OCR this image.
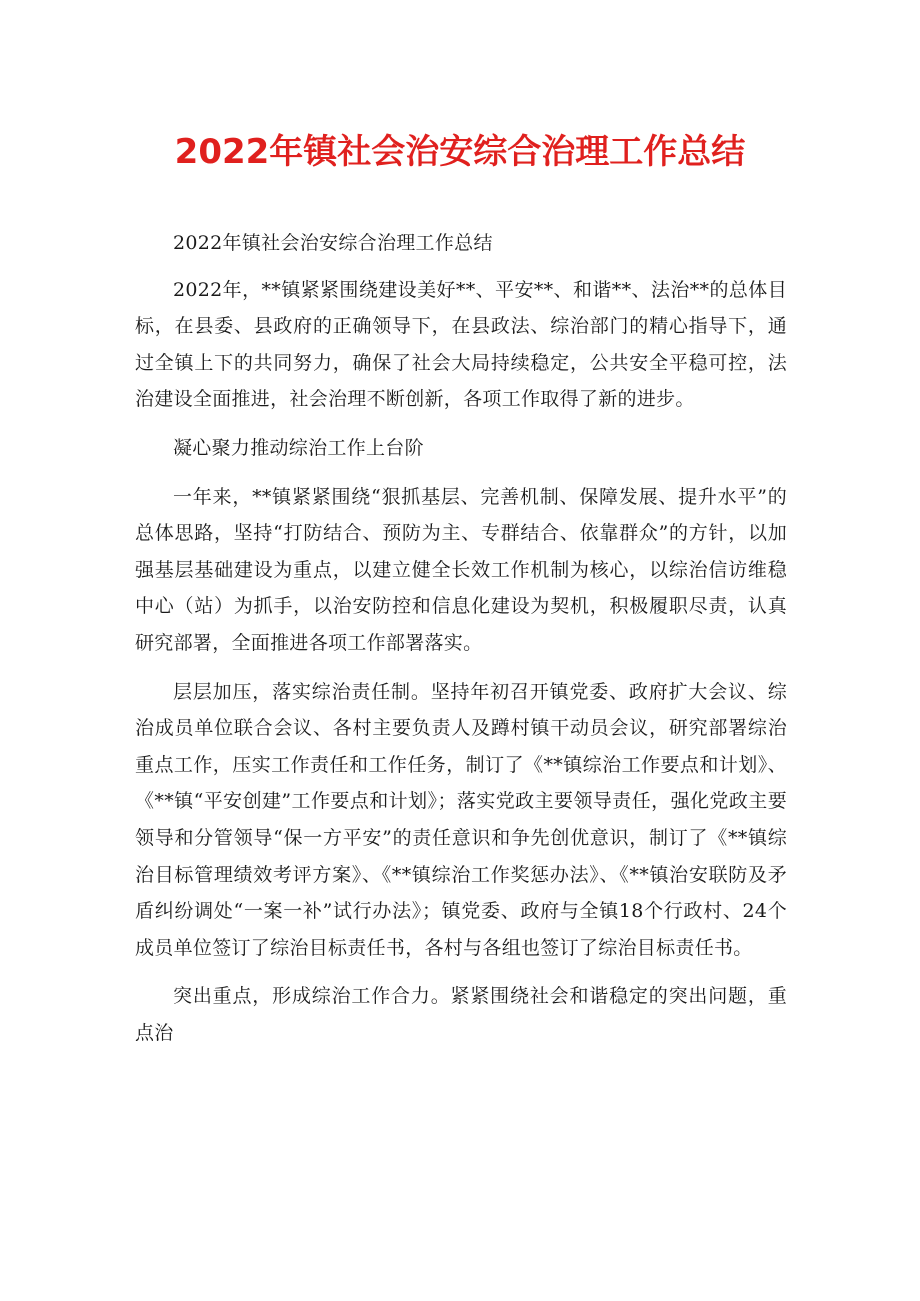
2022年镇社会治安综合治理工作总结

2022年镇社会治安综合治理工作总结

2022年，**镇紧紧围绕建设美好**、平安**、和谐**、法治**的总体目标，在县委、县政府的正确领导下，在县政法、综治部门的精心指导下，通过全镇上下的共同努力，确保了社会大局持续稳定，公共安全平稳可控，法治建设全面推进，社会治理不断创新，各项工作取得了新的进步。

凝心聚力推动综治工作上台阶

一年来，**镇紧紧围绕“狠抓基层、完善机制、保障发展、提升水平”的总体思路，坚持“打防结合、预防为主、专群结合、依靠群众”的方针，以加强基层基础建设为重点，以建立健全长效工作机制为核心，以综治信访维稳中心（站）为抓手，以治安防控和信息化建设为契机，积极履职尽责，认真研究部署，全面推进各项工作部署落实。

层层加压，落实综治责任制。坚持年初召开镇党委、政府扩大会议、综治成员单位联合会议、各村主要负责人及蹲村镇干动员会议，研究部署综治重点工作，压实工作责任和工作任务，制订了《**镇综治工作要点和计划》、《**镇“平安创建”工作要点和计划》；落实党政主要领导责任，强化党政主要领导和分管领导“保一方平安”的责任意识和争先创优意识，制订了《**镇综治目标管理绩效考评方案》、《**镇综治工作奖惩办法》、《**镇治安联防及矛盾纠纷调处“一案一补”试行办法》；镇党委、政府与全镇18个行政村、24个成员单位签订了综治目标责任书，各村与各组也签订了综治目标责任书。

突出重点，形成综治工作合力。紧紧围绕社会和谐稳定的突出问题，重点治
